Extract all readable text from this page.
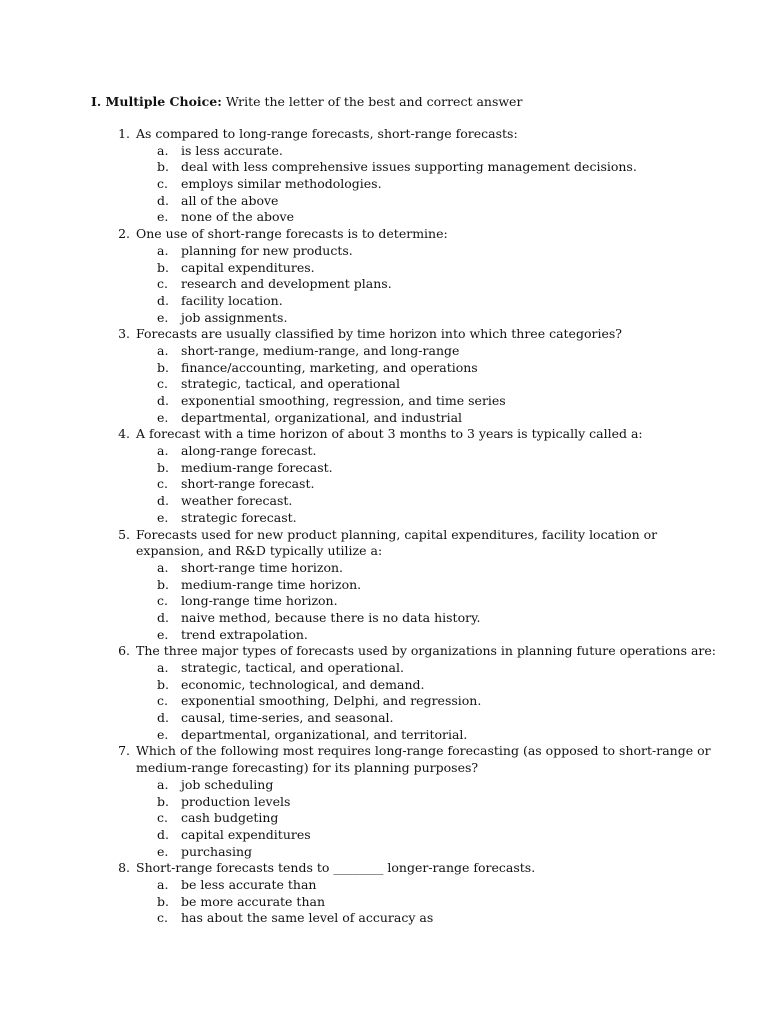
I. Multiple Choice: Write the letter of the best and correct answer
1. As compared to long-range forecasts, short-range forecasts:
a. is less accurate.
b. deal with less comprehensive issues supporting management decisions.
c. employs similar methodologies.
d. all of the above
e. none of the above
2. One use of short-range forecasts is to determine:
a. planning for new products.
b. capital expenditures.
c. research and development plans.
d. facility location.
e. job assignments.
3. Forecasts are usually classified by time horizon into which three categories?
a. short-range, medium-range, and long-range
b. finance/accounting, marketing, and operations
c. strategic, tactical, and operational
d. exponential smoothing, regression, and time series
e. departmental, organizational, and industrial
4. A forecast with a time horizon of about 3 months to 3 years is typically called a:
a. along-range forecast.
b. medium-range forecast.
c. short-range forecast.
d. weather forecast.
e. strategic forecast.
5. Forecasts used for new product planning, capital expenditures, facility location or
expansion, and R&D typically utilize a:
a. short-range time horizon.
b. medium-range time horizon.
c. long-range time horizon.
d. naive method, because there is no data history.
e. trend extrapolation.
6. The three major types of forecasts used by organizations in planning future operations are:
a. strategic, tactical, and operational.
b. economic, technological, and demand.
c. exponential smoothing, Delphi, and regression.
d. causal, time-series, and seasonal.
e. departmental, organizational, and territorial.
7. Which of the following most requires long-range forecasting (as opposed to short-range or
medium-range forecasting) for its planning purposes?
a. job scheduling
b. production levels
c. cash budgeting
d. capital expenditures
e. purchasing
8. Short-range forecasts tends to ________ longer-range forecasts.
a. be less accurate than
b. be more accurate than
c. has about the same level of accuracy as
